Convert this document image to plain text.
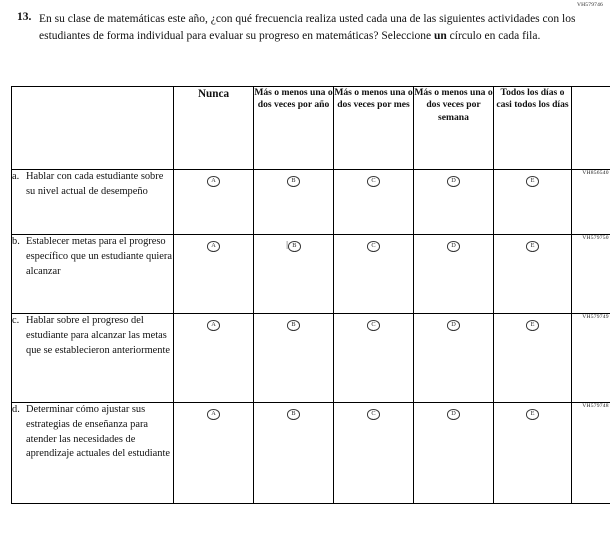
VH579746
13. En su clase de matemáticas este año, ¿con qué frecuencia realiza usted cada una de las siguientes actividades con los estudiantes de forma individual para evaluar su progreso en matemáticas? Seleccione un círculo en cada fila.
	Nunca	Más o menos una o dos veces por año	Más o menos una o dos veces por mes	Más o menos una o dos veces por semana	Todos los días o casi todos los días	

a. Hablar con cada estudiante sobre su nivel actual de desempeño	A	B	C	D	E	VH856540

b. Establecer metas para el progreso específico que un estudiante quiera alcanzar	A	| B	C	D	E	VH579750

c. Hablar sobre el progreso del estudiante para alcanzar las metas que se establecieron anteriormente	A	B	C	D	E	VH579749

d. Determinar cómo ajustar sus estrategias de enseñanza para atender las necesidades de aprendizaje actuales del estudiante	A	B	C	D	E	VH579748
